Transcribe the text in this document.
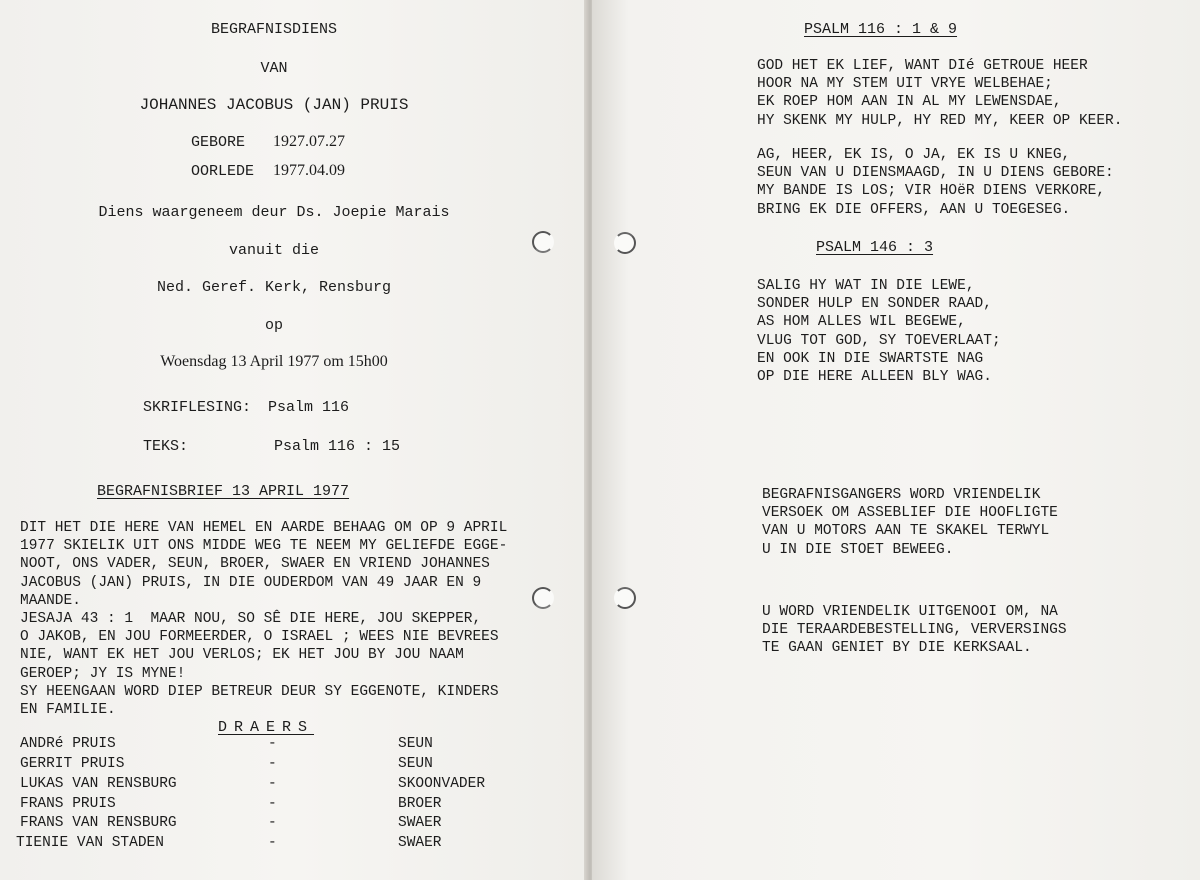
BEGRAFNISDIENS
VAN
JOHANNES JACOBUS (JAN) PRUIS
GEBORE 1927.07.27
OORLEDE 1977.04.09
Diens waargeneem deur Ds. Joepie Marais
vanuit die
Ned. Geref. Kerk, Rensburg
op
Woensdag 13 April 1977 om 15h00
SKRIFLESING: Psalm 116
TEKS:	Psalm 116 : 15
BEGRAFNISBRIEF 13 APRIL 1977
DIT HET DIE HERE VAN HEMEL EN AARDE BEHAAG OM OP 9 APRIL
1977 SKIELIK UIT ONS MIDDE WEG TE NEEM MY GELIEFDE EGGE-
NOOT, ONS VADER, SEUN, BROER, SWAER EN VRIEND JOHANNES
JACOBUS (JAN) PRUIS, IN DIE OUDERDOM VAN 49 JAAR EN 9
MAANDE.
JESAJA 43 : 1  MAAR NOU, SO SÊ DIE HERE, JOU SKEPPER,
O JAKOB, EN JOU FORMEERDER, O ISRAEL ; WEES NIE BEVREES
NIE, WANT EK HET JOU VERLOS; EK HET JOU BY JOU NAAM
GEROEP; JY IS MYNE!
SY HEENGAAN WORD DIEP BETREUR DEUR SY EGGENOTE, KINDERS
EN FAMILIE.
DRAERS
ANDRé PRUIS	-	SEUN
GERRIT PRUIS	-	SEUN
LUKAS VAN RENSBURG	-	SKOONVADER
FRANS PRUIS	-	BROER
FRANS VAN RENSBURG	-	SWAER
TIENIE VAN STADEN	-	SWAER
PSALM 116 : 1 & 9
GOD HET EK LIEF, WANT DIé GETROUE HEER
HOOR NA MY STEM UIT VRYE WELBEHAE;
EK ROEP HOM AAN IN AL MY LEWENSDAE,
HY SKENK MY HULP, HY RED MY, KEER OP KEER.
AG, HEER, EK IS, O JA, EK IS U KNEG,
SEUN VAN U DIENSMAAGD, IN U DIENS GEBORE:
MY BANDE IS LOS; VIR HOëR DIENS VERKORE,
BRING EK DIE OFFERS, AAN U TOEGESEG.
PSALM 146 : 3
SALIG HY WAT IN DIE LEWE,
SONDER HULP EN SONDER RAAD,
AS HOM ALLES WIL BEGEWE,
VLUG TOT GOD, SY TOEVERLAAT;
EN OOK IN DIE SWARTSTE NAG
OP DIE HERE ALLEEN BLY WAG.
BEGRAFNISGANGERS WORD VRIENDELIK
VERSOEK OM ASSEBLIEF DIE HOOFLIGTE
VAN U MOTORS AAN TE SKAKEL TERWYL
U IN DIE STOET BEWEEG.
U WORD VRIENDELIK UITGENOOI OM, NA
DIE TERAARDEBESTELLING, VERVERSINGS
TE GAAN GENIET BY DIE KERKSAAL.
